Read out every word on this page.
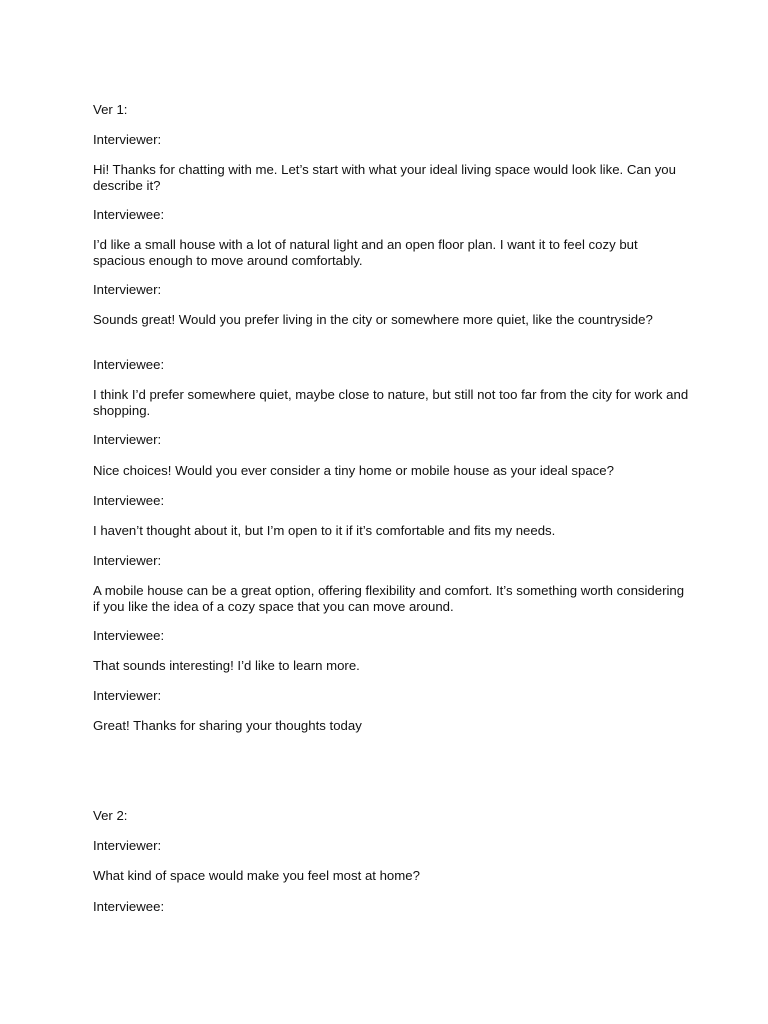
Ver 1:

Interviewer:

Hi! Thanks for chatting with me. Let’s start with what your ideal living space would look like. Can you describe it?

Interviewee:

I’d like a small house with a lot of natural light and an open floor plan. I want it to feel cozy but spacious enough to move around comfortably.

Interviewer:

Sounds great! Would you prefer living in the city or somewhere more quiet, like the countryside?

Interviewee:

I think I’d prefer somewhere quiet, maybe close to nature, but still not too far from the city for work and shopping.

Interviewer:

Nice choices! Would you ever consider a tiny home or mobile house as your ideal space?

Interviewee:

I haven’t thought about it, but I’m open to it if it’s comfortable and fits my needs.

Interviewer:

A mobile house can be a great option, offering flexibility and comfort. It’s something worth considering if you like the idea of a cozy space that you can move around.

Interviewee:

That sounds interesting! I’d like to learn more.

Interviewer:

Great! Thanks for sharing your thoughts today

Ver 2:

Interviewer:

What kind of space would make you feel most at home?

Interviewee:
